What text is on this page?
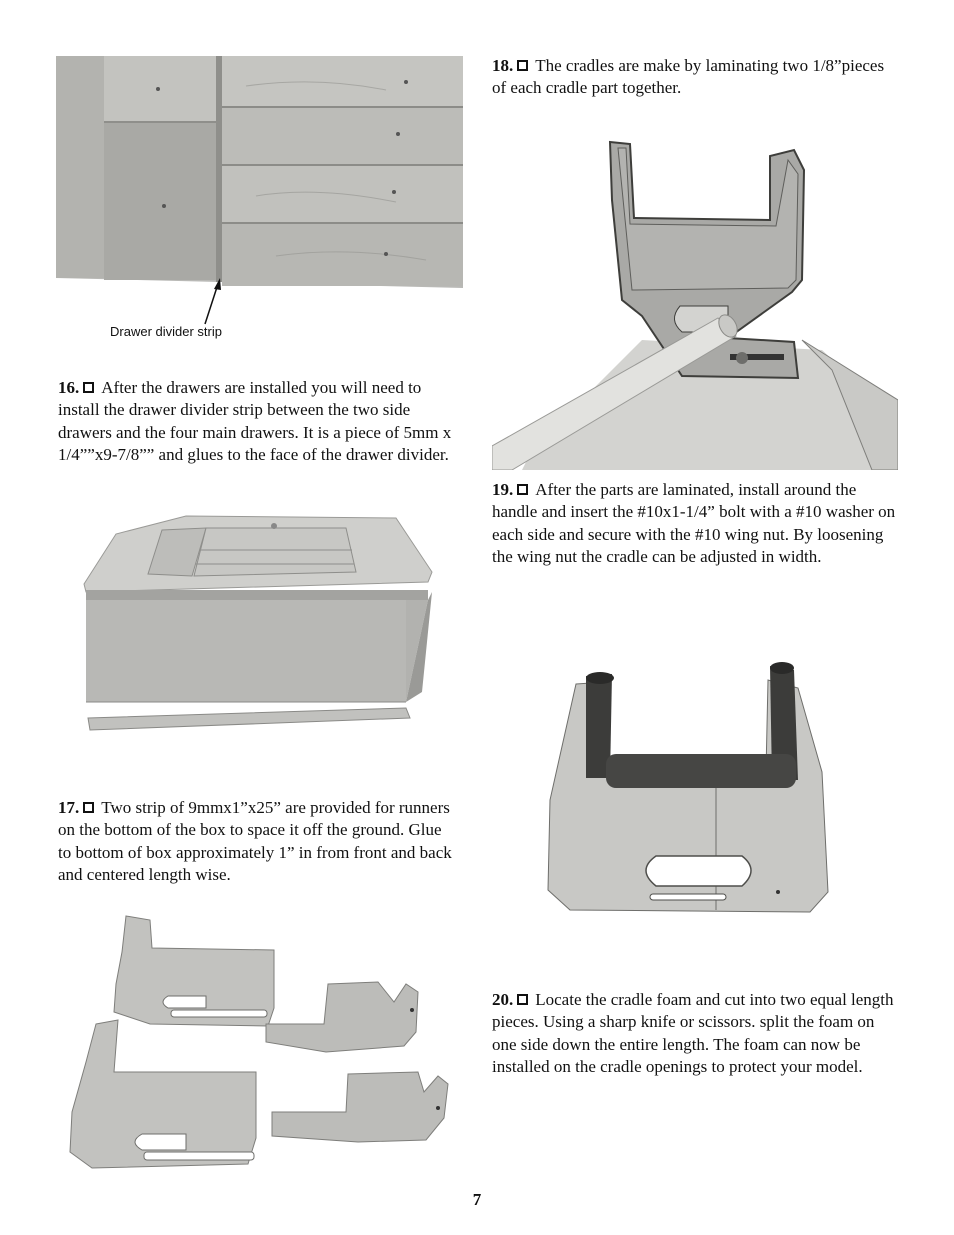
Drawer divider strip
16. After the drawers are installed you will need to install the drawer divider strip between the two side drawers and the four main drawers. It is a piece of 5mm x 1/4””x9-7/8”” and glues to the face of the drawer divider.
17. Two strip of 9mmx1”x25” are provided for runners on the bottom of the box to space it off the ground. Glue to bottom of box approximately 1” in from front and back and centered length wise.
18. The cradles are make by laminating two 1/8”pieces of each cradle part together.
19. After the parts are laminated, install around the handle and insert the #10x1-1/4” bolt with a #10 washer on each side and secure with the #10 wing nut. By loosening the wing nut the cradle can be adjusted in width.
20. Locate the cradle foam and cut into two equal length pieces. Using a sharp knife or scissors. split the foam on one side down the entire length. The foam can now be installed on the cradle openings to protect your model.
7
